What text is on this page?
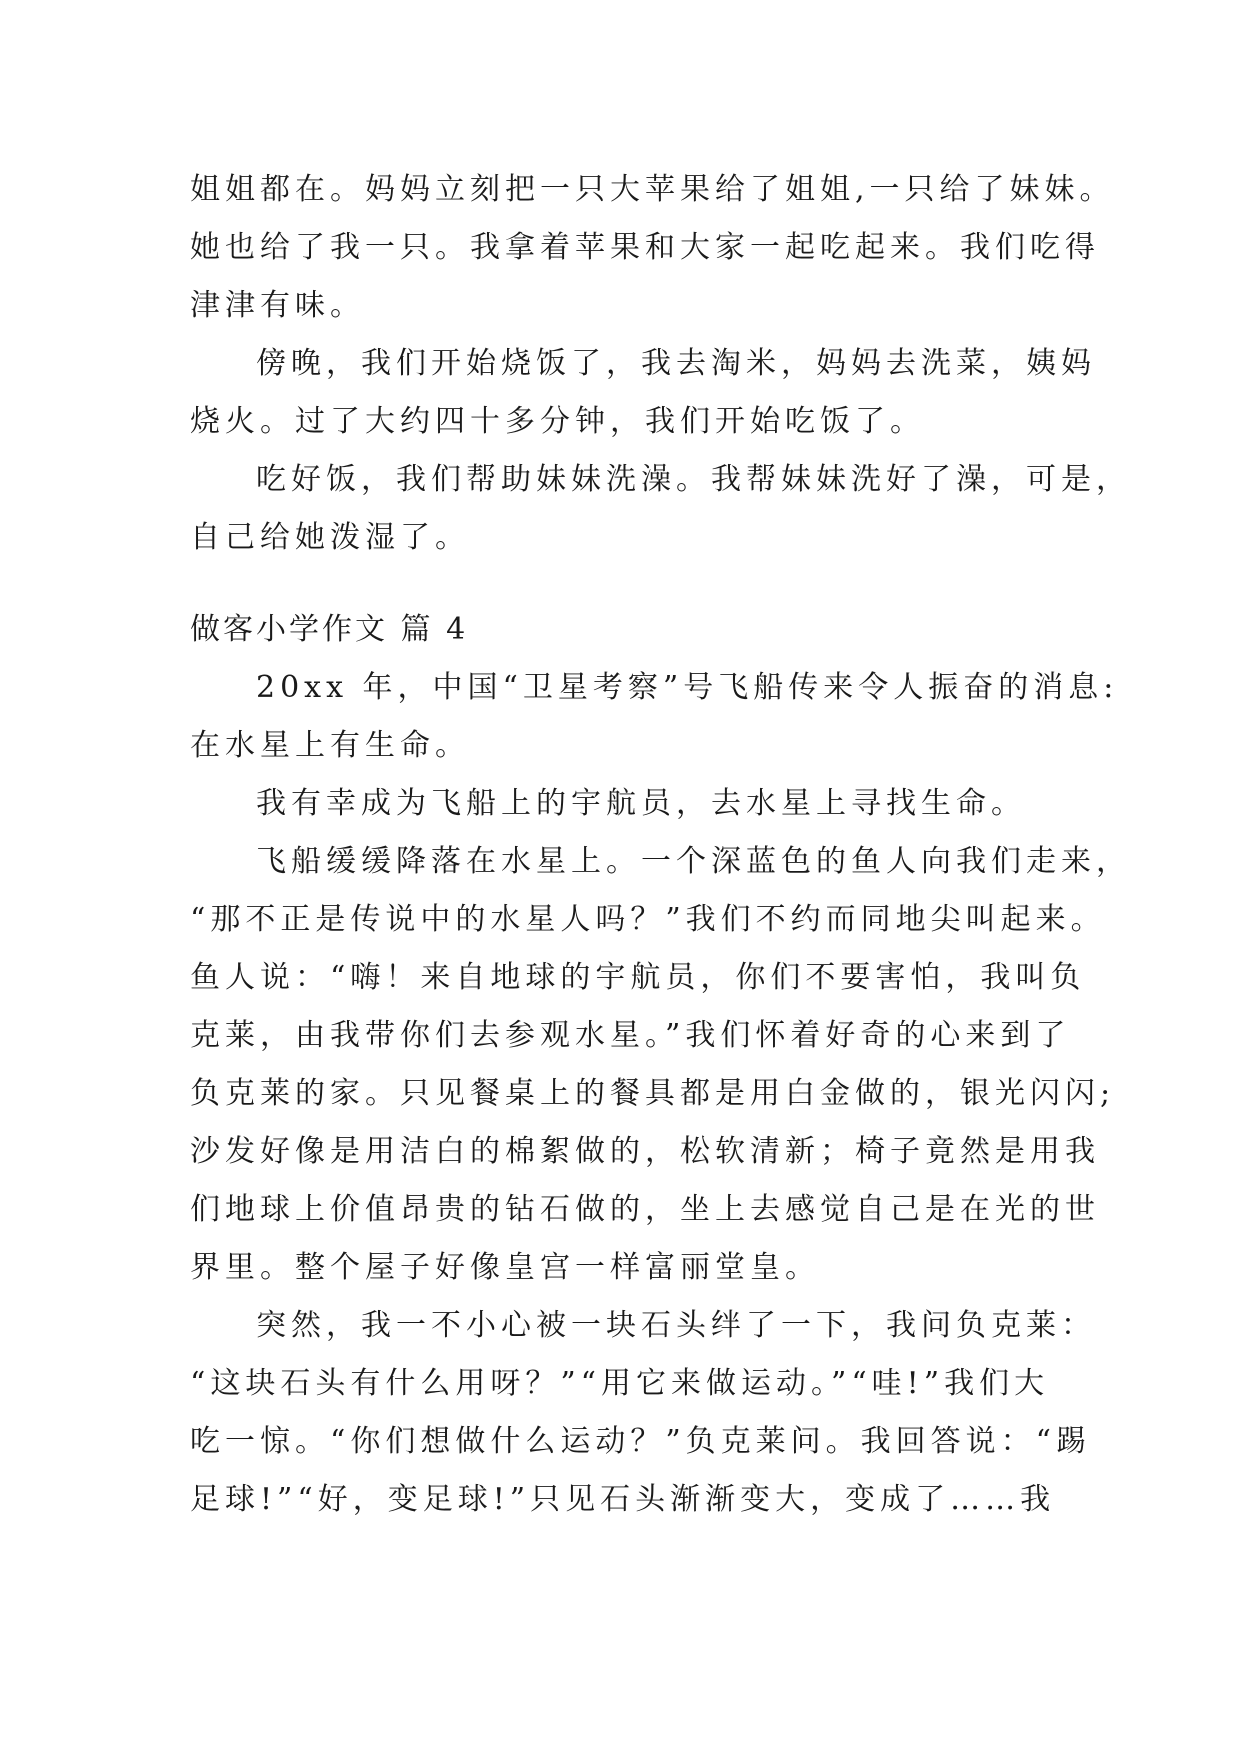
姐姐都在。妈妈立刻把一只大苹果给了姐姐,一只给了妹妹。
她也给了我一只。我拿着苹果和大家一起吃起来。我们吃得
津津有味。
傍晚，我们开始烧饭了，我去淘米，妈妈去洗菜，姨妈
烧火。过了大约四十多分钟，我们开始吃饭了。
吃好饭，我们帮助妹妹洗澡。我帮妹妹洗好了澡，可是，
自己给她泼湿了。
做客小学作文 篇 4
20xx 年，中国“卫星考察”号飞船传来令人振奋的消息:
在水星上有生命。
我有幸成为飞船上的宇航员，去水星上寻找生命。
飞船缓缓降落在水星上。一个深蓝色的鱼人向我们走来，
“那不正是传说中的水星人吗？”我们不约而同地尖叫起来。
鱼人说：“嗨！来自地球的宇航员，你们不要害怕，我叫负
克莱，由我带你们去参观水星。”我们怀着好奇的心来到了
负克莱的家。只见餐桌上的餐具都是用白金做的，银光闪闪;
沙发好像是用洁白的棉絮做的，松软清新；椅子竟然是用我
们地球上价值昂贵的钻石做的，坐上去感觉自己是在光的世
界里。整个屋子好像皇宫一样富丽堂皇。
突然，我一不小心被一块石头绊了一下，我问负克莱：
“这块石头有什么用呀？”“用它来做运动。”“哇!”我们大
吃一惊。“你们想做什么运动？”负克莱问。我回答说：“踢
足球!”“好，变足球!”只见石头渐渐变大，变成了……我
